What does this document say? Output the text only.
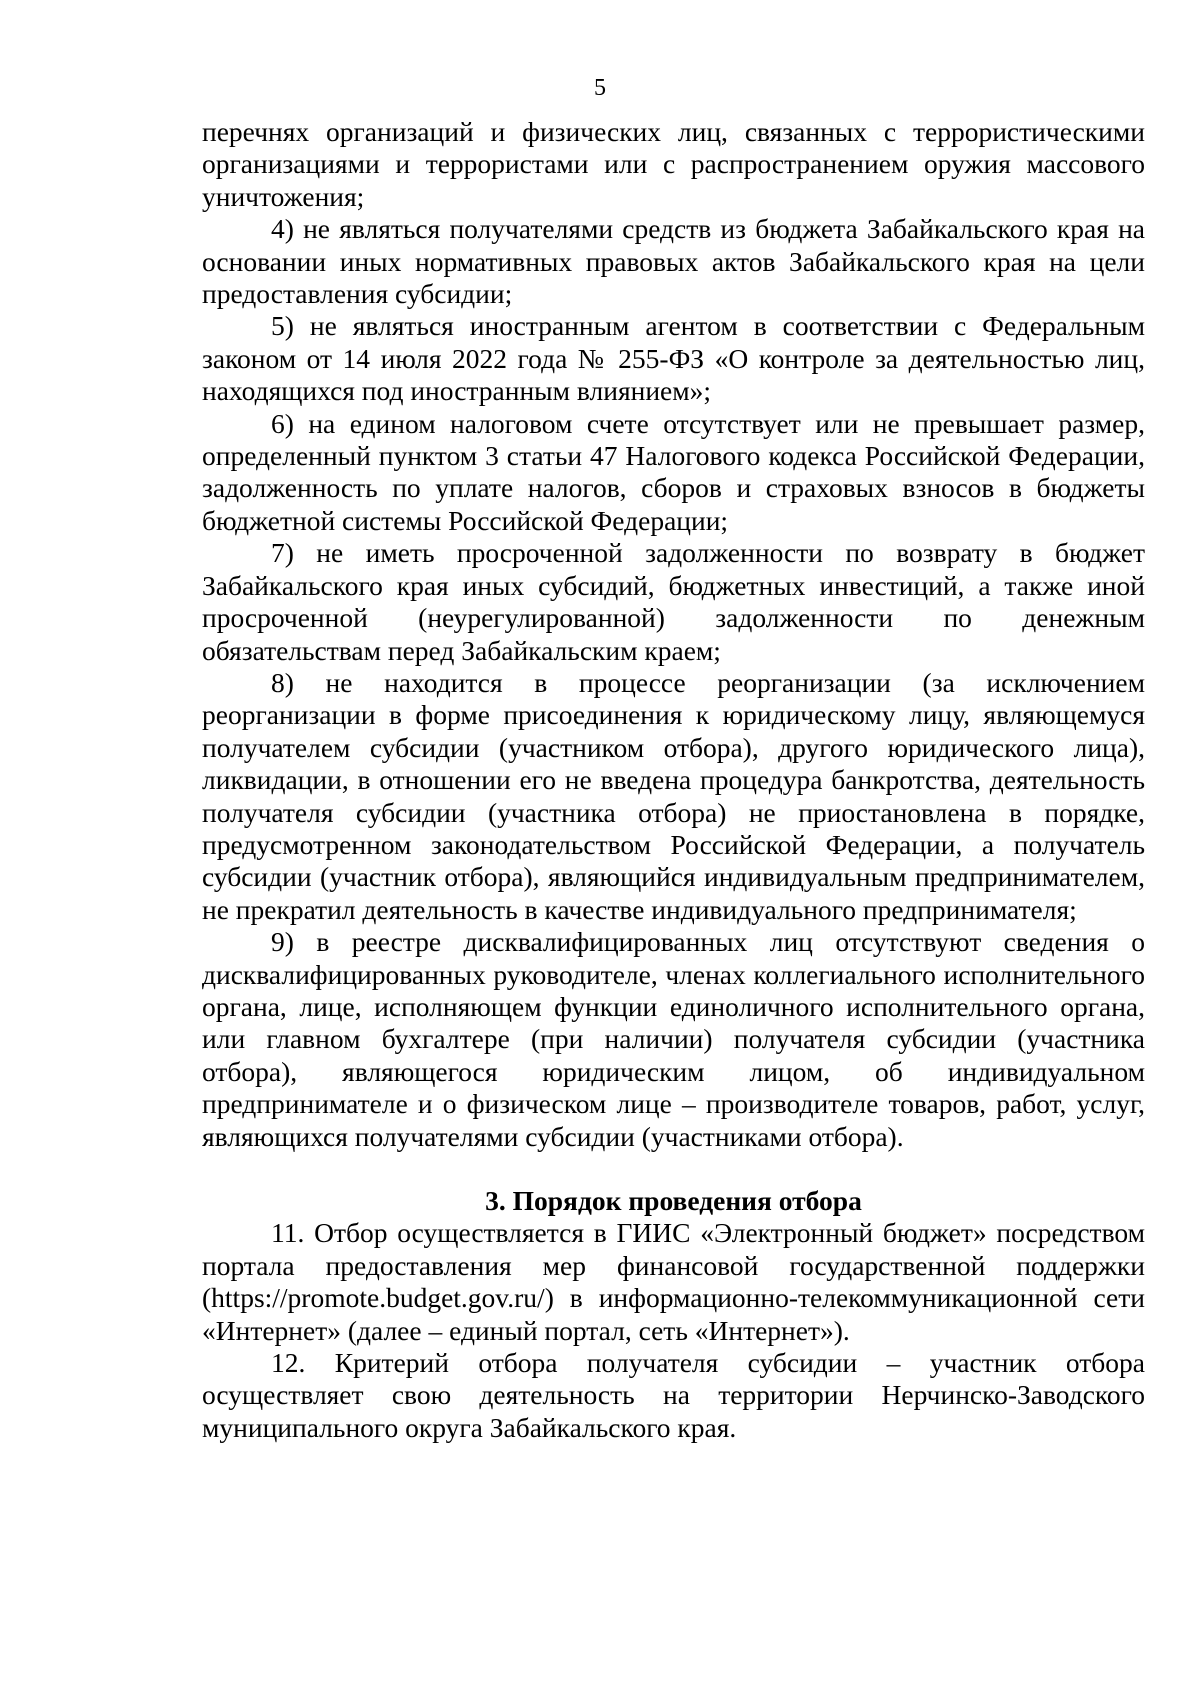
5

перечнях организаций и физических лиц, связанных с террористическими организациями и террористами или с распространением оружия массового уничтожения;

4) не являться получателями средств из бюджета Забайкальского края на основании иных нормативных правовых актов Забайкальского края на цели предоставления субсидии;

5) не являться иностранным агентом в соответствии с Федеральным законом от 14 июля 2022 года № 255-ФЗ «О контроле за деятельностью лиц, находящихся под иностранным влиянием»;

6) на едином налоговом счете отсутствует или не превышает размер, определенный пунктом 3 статьи 47 Налогового кодекса Российской Федерации, задолженность по уплате налогов, сборов и страховых взносов в бюджеты бюджетной системы Российской Федерации;

7) не иметь просроченной задолженности по возврату в бюджет Забайкальского края иных субсидий, бюджетных инвестиций, а также иной просроченной (неурегулированной) задолженности по денежным обязательствам перед Забайкальским краем;

8) не находится в процессе реорганизации (за исключением реорганизации в форме присоединения к юридическому лицу, являющемуся получателем субсидии (участником отбора), другого юридического лица), ликвидации, в отношении его не введена процедура банкротства, деятельность получателя субсидии (участника отбора) не приостановлена в порядке, предусмотренном законодательством Российской Федерации, а получатель субсидии (участник отбора), являющийся индивидуальным предпринимателем, не прекратил деятельность в качестве индивидуального предпринимателя;

9) в реестре дисквалифицированных лиц отсутствуют сведения о дисквалифицированных руководителе, членах коллегиального исполнительного органа, лице, исполняющем функции единоличного исполнительного органа, или главном бухгалтере (при наличии) получателя субсидии (участника отбора), являющегося юридическим лицом, об индивидуальном предпринимателе и о физическом лице – производителе товаров, работ, услуг, являющихся получателями субсидии (участниками отбора).

3. Порядок проведения отбора

11. Отбор осуществляется в ГИИС «Электронный бюджет» посредством портала предоставления мер финансовой государственной поддержки (https://promote.budget.gov.ru/) в информационно-телекоммуникационной сети «Интернет» (далее – единый портал, сеть «Интернет»).

12. Критерий отбора получателя субсидии – участник отбора осуществляет свою деятельность на территории Нерчинско-Заводского муниципального округа Забайкальского края.
